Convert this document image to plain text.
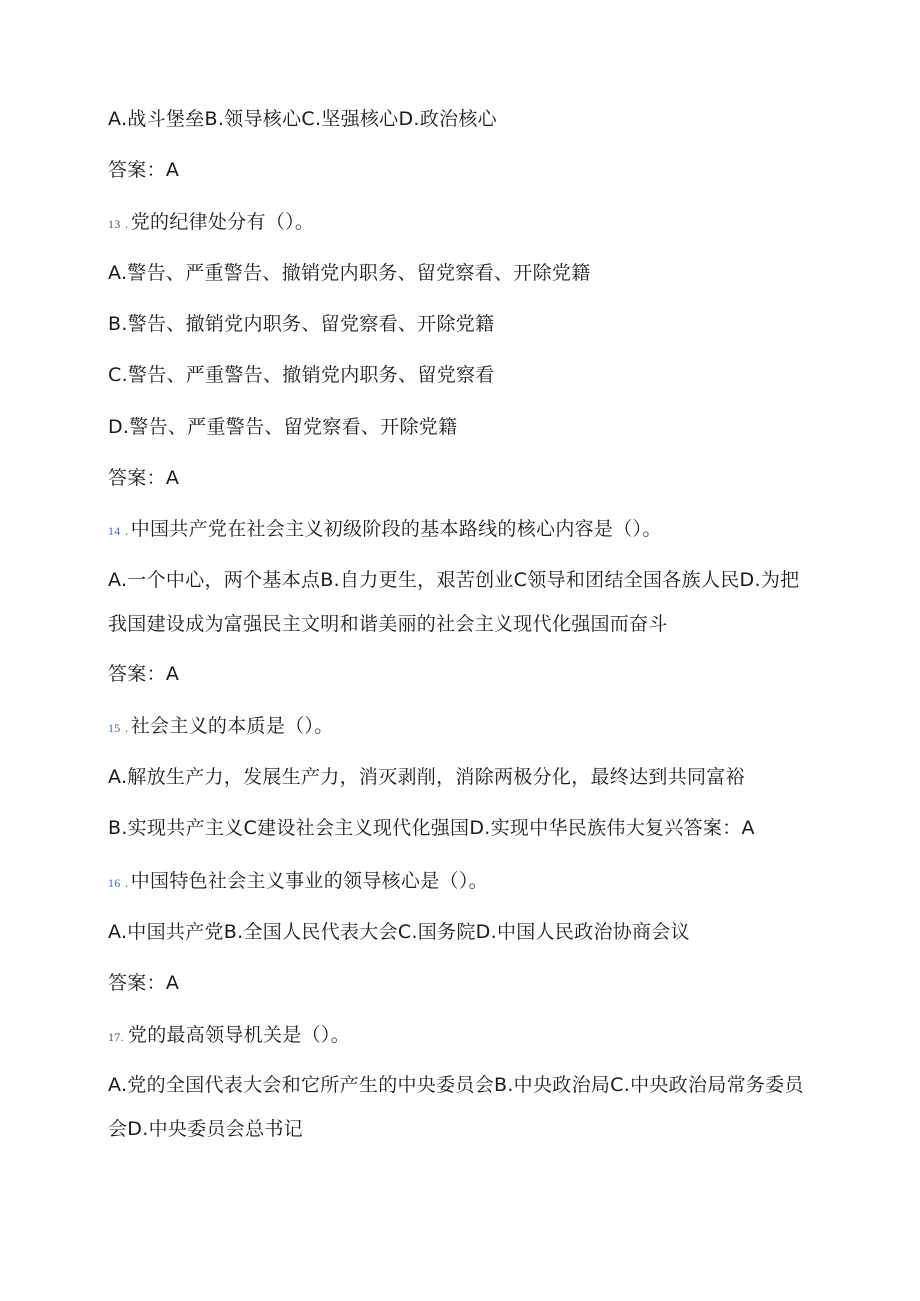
A.战斗堡垒B.领导核心C.坚强核心D.政治核心
答案：A
13 . 党的纪律处分有（）。
A.警告、严重警告、撤销党内职务、留党察看、开除党籍
B.警告、撤销党内职务、留党察看、开除党籍
C.警告、严重警告、撤销党内职务、留党察看
D.警告、严重警告、留党察看、开除党籍
答案：A
14 . 中国共产党在社会主义初级阶段的基本路线的核心内容是（）。
A.一个中心，两个基本点B.自力更生，艰苦创业C领导和团结全国各族人民D.为把我国建设成为富强民主文明和谐美丽的社会主义现代化强国而奋斗
答案：A
15 . 社会主义的本质是（）。
A.解放生产力，发展生产力，消灭剥削，消除两极分化，最终达到共同富裕
B.实现共产主义C建设社会主义现代化强国D.实现中华民族伟大复兴答案：A
16 . 中国特色社会主义事业的领导核心是（）。
A.中国共产党B.全国人民代表大会C.国务院D.中国人民政治协商会议
答案：A
17. 党的最高领导机关是（）。
A.党的全国代表大会和它所产生的中央委员会B.中央政治局C.中央政治局常务委员会D.中央委员会总书记
